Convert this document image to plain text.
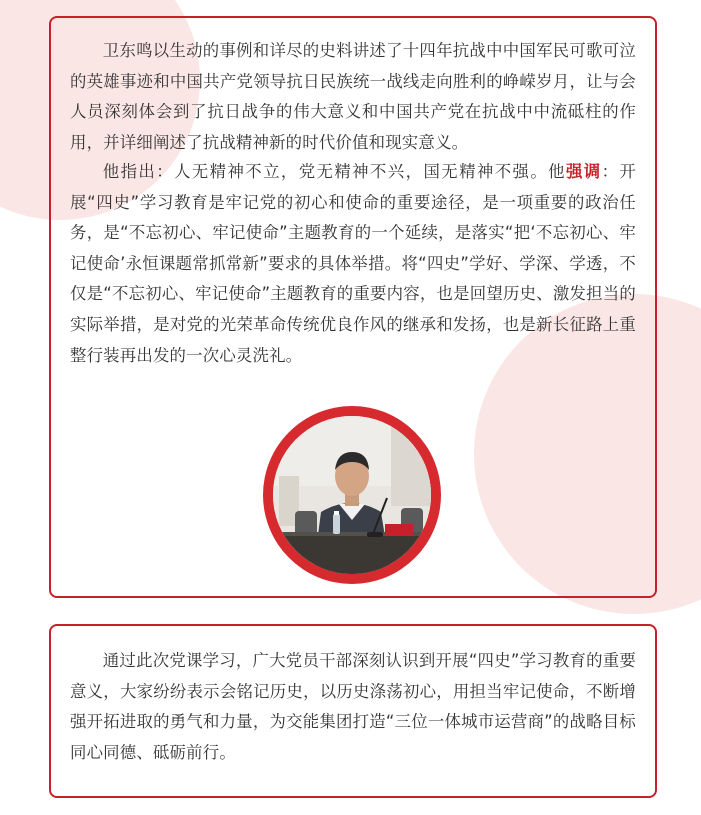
卫东鸣以生动的事例和详尽的史料讲述了十四年抗战中中国军民可歌可泣的英雄事迹和中国共产党领导抗日民族统一战线走向胜利的峥嵘岁月，让与会人员深刻体会到了抗日战争的伟大意义和中国共产党在抗战中中流砥柱的作用，并详细阐述了抗战精神新的时代价值和现实意义。

他指出：人无精神不立，党无精神不兴，国无精神不强。他强调：开展“四史”学习教育是牢记党的初心和使命的重要途径，是一项重要的政治任务，是“不忘初心、牢记使命”主题教育的一个延续，是落实“把‘不忘初心、牢记使命’永恒课题常抓常新”要求的具体举措。将“四史”学好、学深、学透，不仅是“不忘初心、牢记使命”主题教育的重要内容，也是回望历史、激发担当的实际举措，是对党的光荣革命传统优良作风的继承和发扬，也是新长征路上重整行装再出发的一次心灵洗礼。

通过此次党课学习，广大党员干部深刻认识到开展“四史”学习教育的重要意义，大家纷纷表示会铭记历史，以历史涤荡初心，用担当牢记使命，不断增强开拓进取的勇气和力量，为交能集团打造“三位一体城市运营商”的战略目标同心同德、砥砺前行。
